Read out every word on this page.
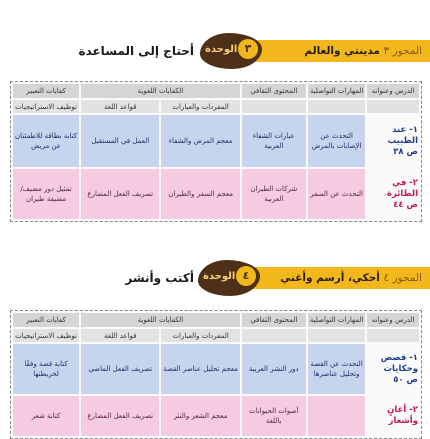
المحور ٣ مدينتي والعالم
الوحدة ٣
أحتاج إلى المساعدة
الدرس وعنوانه	المهارات التواصلية	المحتوى الثقافي	الكفايات اللغوية		كفايات التعبير
			المفردات والعبارات	قواعد اللغة	توظيف الاستراتيجيات

١- عند الطبيب
ص ٣٨	التحدث عن الإصابات بالمرض	عبارات الشفاء العربية	معجم المرض والشفاء	العمل في المستقبل	كتابة بطاقة للاطمئنان عن مريض

٢- في الطائرة
ص ٤٤	التحدث عن السفر	شركات الطيران العربية	معجم السفر والطيران	تصريف الفعل المضارع	تمثيل دور مضيف/ مضيفة طيران
المحور ٤ أحكي، أرسم وأغني
الوحدة ٤
أكتب وأنشر
الدرس وعنوانه	المهارات التواصلية	المحتوى الثقافي	الكفايات اللغوية		كفايات التعبير
			المفردات والعبارات	قواعد اللغة	توظيف الاستراتيجيات

١- قصص وحكايات
ص ٥٠	التحدث عن القصة وتحليل عناصرها	دور النشر العربية	معجم تحليل عناصر القصة	تصريف الفعل الماضي	كتابة قصة وفقًا لخريطتها

٢- أغانٍ وأشعار		أصوات الحيوانات باللغة	معجم الشعر والنثر	تصريف الفعل المضارع	كتابة شعر
